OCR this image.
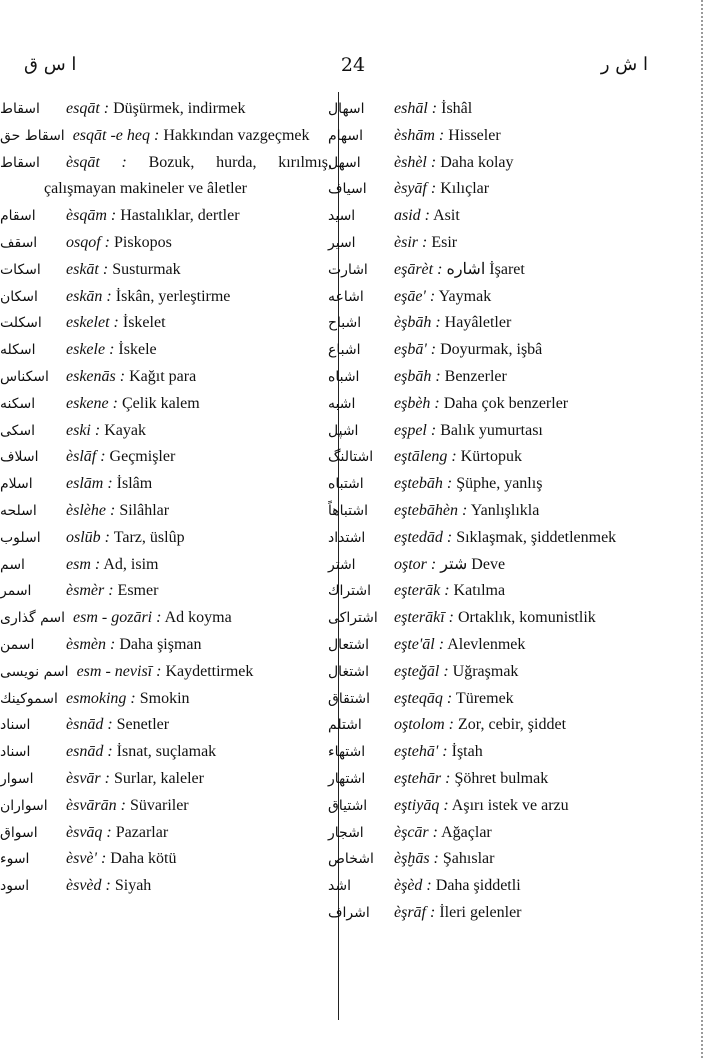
ا س ق	24	ا ش ر
اسقاط esqāt : Düşürmek, indirmek
اسقاط حق esqāt -e heq : Hakkından vazgeçmek
اسقاط èsqāt : Bozuk, hurda, kırılmış, çalışmayan makineler ve âletler
اسقام èsqām : Hastalıklar, dertler
اسقف osqof : Piskopos
اسكات eskāt : Susturmak
اسكان eskān : İskân, yerleştirme
اسكلت eskelet : İskelet
اسكله eskele : İskele
اسكناس eskenās : Kağıt para
اسكنه eskene : Çelik kalem
اسكى eski : Kayak
اسلاف èslāf : Geçmişler
اسلام eslām : İslâm
اسلحه èslèhe : Silâhlar
اسلوب oslūb : Tarz, üslûp
اسم	esm : Ad, isim
اسمر èsmèr : Esmer
اسم گذارى esm - gozāri : Ad koyma
اسمن èsmèn : Daha şişman
اسم نويسى esm - nevisī : Kaydettirmek
اسموكينك esmoking : Smokin
اسناد èsnād : Senetler
اسناد esnād : İsnat, suçlamak
اسوار èsvār : Surlar, kaleler
اسواران èsvārān : Süvariler
اسواق èsvāq : Pazarlar
اسوء èsvè' : Daha kötü
اسود èsvèd : Siyah
اسهال eshāl : İshâl
اسهام èshām : Hisseler
اسهل èshèl : Daha kolay
اسياف èsyāf : Kılıçlar
اسيد asid : Asit
اسير èsir : Esir
اشارت eşārèt : اشاره İşaret
اشاعه eşāe' : Yaymak
اشباح èşbāh : Hayâletler
اشباع eşbā' : Doyurmak, işbâ
اشباه eşbāh : Benzerler
اشبه eşbèh : Daha çok benzerler
اشپل eşpel : Balık yumurtası
اشتالنگ eştāleng : Kürtopuk
اشتباه eştebāh : Şüphe, yanlış
اشتباهاً eştebāhèn : Yanlışlıkla
اشتداد eştedād : Sıklaşmak, şiddetlenmek
اشتر oştor : شتر Deve
اشتراك eşterāk : Katılma
اشتراكى eşterākī : Ortaklık, komunistlik
اشتعال eşte'āl : Alevlenmek
اشتغال eşteğāl : Uğraşmak
اشتقاق eşteqāq : Türemek
اشتلم oştolom : Zor, cebir, şiddet
اشتهاء eştehā' : İştah
اشتهار eştehār : Şöhret bulmak
اشتياق eştiyāq : Aşırı istek ve arzu
اشجار èşcār : Ağaçlar
اشخاص èşḫās : Şahıslar
اشد	èşèd : Daha şiddetli
اشراف èşrāf : İleri gelenler
